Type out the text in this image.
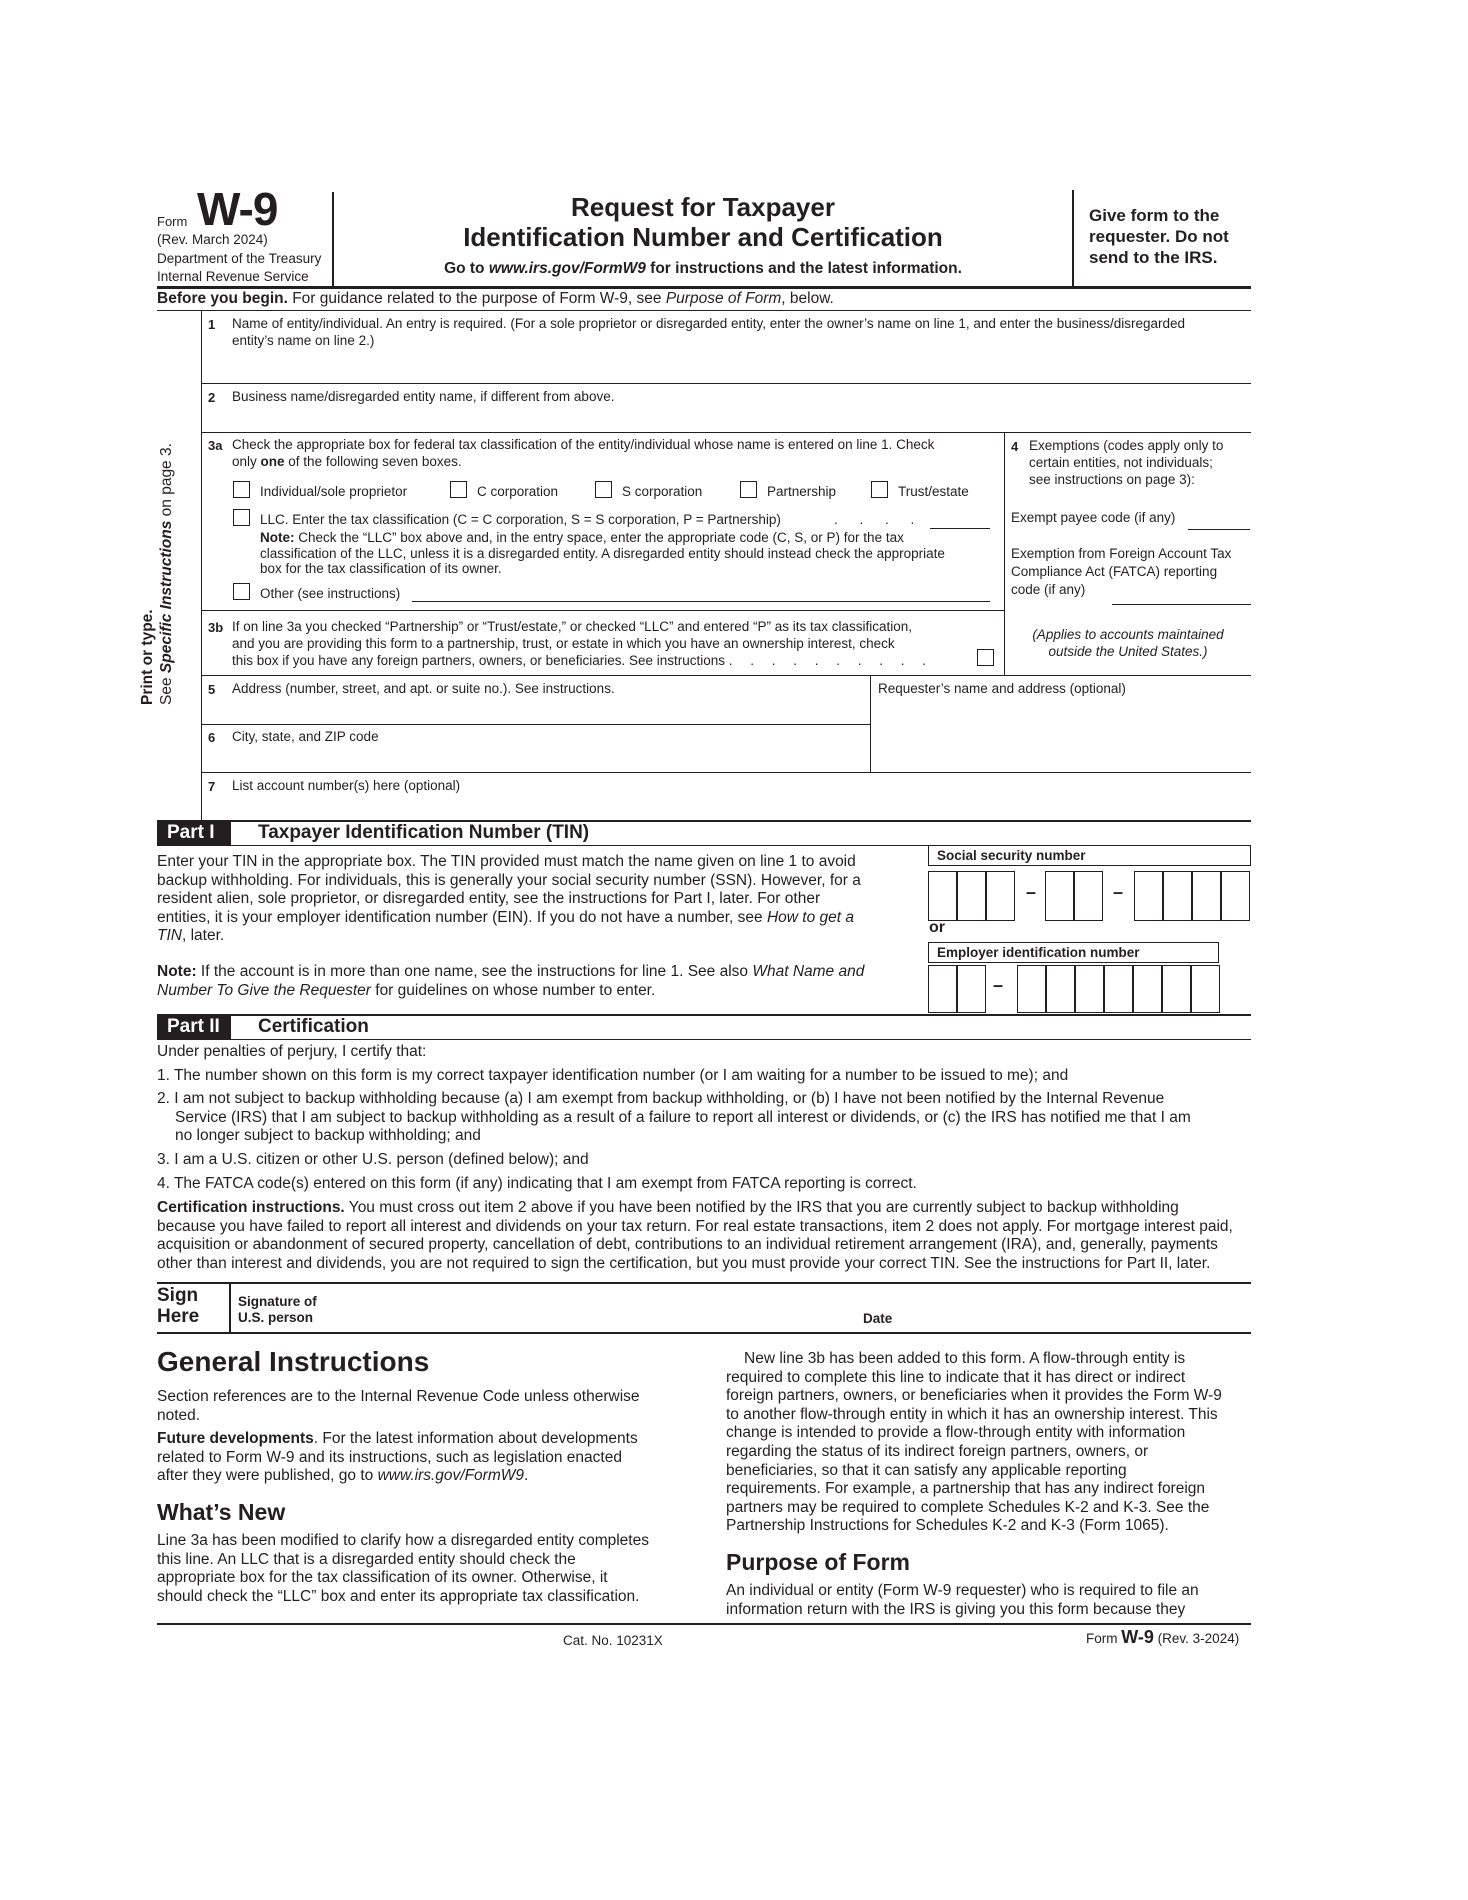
Form W-9
(Rev. March 2024)
Department of the Treasury
Internal Revenue Service
Request for Taxpayer
Identification Number and Certification
Go to www.irs.gov/FormW9 for instructions and the latest information.
Give form to the
requester. Do not
send to the IRS.
Before you begin. For guidance related to the purpose of Form W-9, see Purpose of Form, below.
Print or type. See Specific Instructions on page 3.
1 Name of entity/individual. An entry is required. (For a sole proprietor or disregarded entity, enter the owner’s name on line 1, and enter the business/disregarded
entity’s name on line 2.)
2 Business name/disregarded entity name, if different from above.
3a Check the appropriate box for federal tax classification of the entity/individual whose name is entered on line 1. Check
only one of the following seven boxes.
Individual/sole proprietor	C corporation	S corporation	Partnership	Trust/estate
LLC. Enter the tax classification (C = C corporation, S = S corporation, P = Partnership)	. . . .
Note: Check the “LLC” box above and, in the entry space, enter the appropriate code (C, S, or P) for the tax
classification of the LLC, unless it is a disregarded entity. A disregarded entity should instead check the appropriate
box for the tax classification of its owner.
Other (see instructions)
3b If on line 3a you checked “Partnership” or “Trust/estate,” or checked “LLC” and entered “P” as its tax classification,
and you are providing this form to a partnership, trust, or estate in which you have an ownership interest, check
this box if you have any foreign partners, owners, or beneficiaries. See instructions . . . . . . . . . .
4 Exemptions (codes apply only to
certain entities, not individuals;
see instructions on page 3):
Exempt payee code (if any)
Exemption from Foreign Account Tax
Compliance Act (FATCA) reporting
code (if any)
(Applies to accounts maintained
outside the United States.)
5 Address (number, street, and apt. or suite no.). See instructions.	Requester’s name and address (optional)
6 City, state, and ZIP code
7 List account number(s) here (optional)
Part I	Taxpayer Identification Number (TIN)
Enter your TIN in the appropriate box. The TIN provided must match the name given on line 1 to avoid
backup withholding. For individuals, this is generally your social security number (SSN). However, for a
resident alien, sole proprietor, or disregarded entity, see the instructions for Part I, later. For other
entities, it is your employer identification number (EIN). If you do not have a number, see How to get a
TIN, later.
Note: If the account is in more than one name, see the instructions for line 1. See also What Name and
Number To Give the Requester for guidelines on whose number to enter.
Social security number
–	–
or
Employer identification number
–
Part II	Certification
Under penalties of perjury, I certify that:
1. The number shown on this form is my correct taxpayer identification number (or I am waiting for a number to be issued to me); and
2. I am not subject to backup withholding because (a) I am exempt from backup withholding, or (b) I have not been notified by the Internal Revenue
Service (IRS) that I am subject to backup withholding as a result of a failure to report all interest or dividends, or (c) the IRS has notified me that I am
no longer subject to backup withholding; and
3. I am a U.S. citizen or other U.S. person (defined below); and
4. The FATCA code(s) entered on this form (if any) indicating that I am exempt from FATCA reporting is correct.
Certification instructions. You must cross out item 2 above if you have been notified by the IRS that you are currently subject to backup withholding
because you have failed to report all interest and dividends on your tax return. For real estate transactions, item 2 does not apply. For mortgage interest paid,
acquisition or abandonment of secured property, cancellation of debt, contributions to an individual retirement arrangement (IRA), and, generally, payments
other than interest and dividends, you are not required to sign the certification, but you must provide your correct TIN. See the instructions for Part II, later.
Sign
Here
Signature of
U.S. person	Date
General Instructions
Section references are to the Internal Revenue Code unless otherwise
noted.
Future developments. For the latest information about developments
related to Form W-9 and its instructions, such as legislation enacted
after they were published, go to www.irs.gov/FormW9.
What’s New
Line 3a has been modified to clarify how a disregarded entity completes
this line. An LLC that is a disregarded entity should check the
appropriate box for the tax classification of its owner. Otherwise, it
should check the “LLC” box and enter its appropriate tax classification.
New line 3b has been added to this form. A flow-through entity is
required to complete this line to indicate that it has direct or indirect
foreign partners, owners, or beneficiaries when it provides the Form W-9
to another flow-through entity in which it has an ownership interest. This
change is intended to provide a flow-through entity with information
regarding the status of its indirect foreign partners, owners, or
beneficiaries, so that it can satisfy any applicable reporting
requirements. For example, a partnership that has any indirect foreign
partners may be required to complete Schedules K-2 and K-3. See the
Partnership Instructions for Schedules K-2 and K-3 (Form 1065).
Purpose of Form
An individual or entity (Form W-9 requester) who is required to file an
information return with the IRS is giving you this form because they
Cat. No. 10231X	Form W-9 (Rev. 3-2024)
